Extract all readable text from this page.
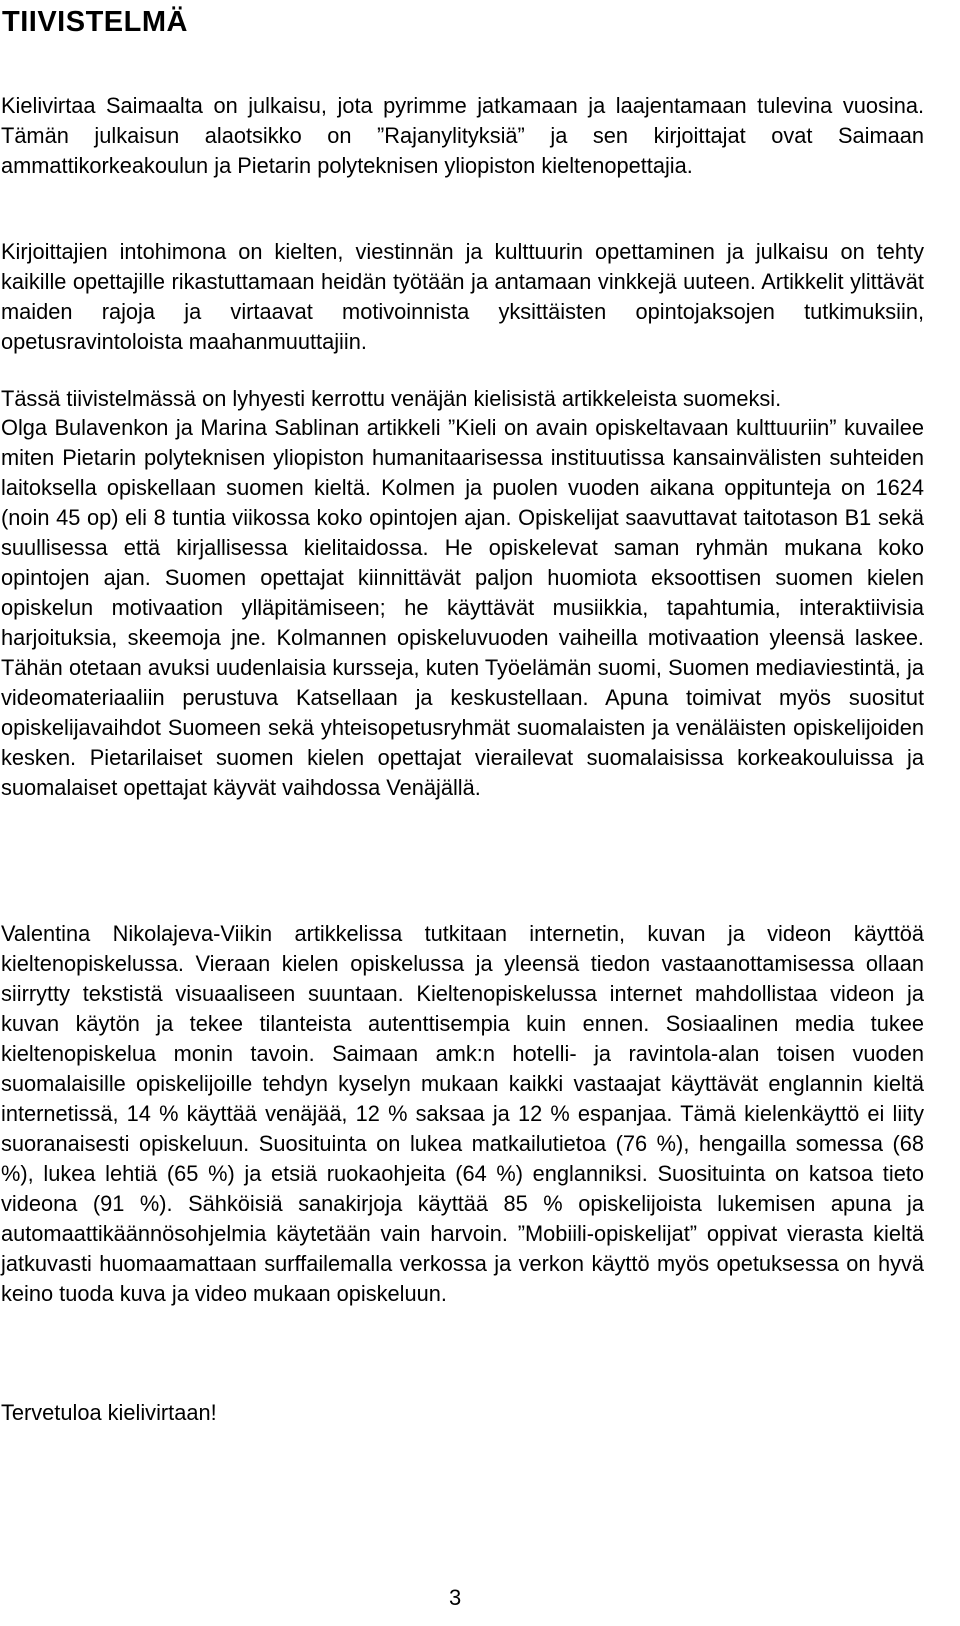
TIIVISTELMÄ

Kielivirtaa Saimaalta on julkaisu, jota pyrimme jatkamaan ja laajentamaan tulevina vuosina. Tämän julkaisun alaotsikko on ”Rajanylityksiä” ja sen kirjoittajat ovat Saimaan ammattikorkeakoulun ja Pietarin polyteknisen yliopiston kieltenopettajia.

Kirjoittajien intohimona on kielten, viestinnän ja kulttuurin opettaminen ja julkaisu on tehty kaikille opettajille rikastuttamaan heidän työtään ja antamaan vinkkejä uuteen. Artikkelit ylittävät maiden rajoja ja virtaavat motivoinnista yksittäisten opintojaksojen tutkimuksiin, opetusravintoloista maahanmuuttajiin.

Tässä tiivistelmässä on lyhyesti kerrottu venäjän kielisistä artikkeleista suomeksi.

Olga Bulavenkon ja Marina Sablinan artikkeli ”Kieli on avain opiskeltavaan kulttuuriin” kuvailee miten Pietarin polyteknisen yliopiston humanitaarisessa instituutissa kansainvälisten suhteiden laitoksella opiskellaan suomen kieltä. Kolmen ja puolen vuoden aikana oppitunteja on 1624 (noin 45 op) eli 8 tuntia viikossa koko opintojen ajan. Opiskelijat saavuttavat taitotason B1 sekä suullisessa että kirjallisessa kielitaidossa. He opiskelevat saman ryhmän mukana koko opintojen ajan. Suomen opettajat kiinnittävät paljon huomiota eksoottisen suomen kielen opiskelun motivaation ylläpitämiseen; he käyttävät musiikkia, tapahtumia, interaktiivisia harjoituksia, skeemoja jne. Kolmannen opiskeluvuoden vaiheilla motivaation yleensä laskee. Tähän otetaan avuksi uudenlaisia kursseja, kuten Työelämän suomi, Suomen mediaviestintä, ja videomateriaaliin perustuva Katsellaan ja keskustellaan. Apuna toimivat myös suositut opiskelijavaihdot Suomeen sekä yhteisopetusryhmät suomalaisten ja venäläisten opiskelijoiden kesken. Pietarilaiset suomen kielen opettajat vierailevat suomalaisissa korkeakouluissa ja suomalaiset opettajat käyvät vaihdossa Venäjällä.

Valentina Nikolajeva-Viikin artikkelissa tutkitaan internetin, kuvan ja videon käyttöä kieltenopiskelussa. Vieraan kielen opiskelussa ja yleensä tiedon vastaanottamisessa ollaan siirrytty tekstistä visuaaliseen suuntaan. Kieltenopiskelussa internet mahdollistaa videon ja kuvan käytön ja tekee tilanteista autenttisempia kuin ennen. Sosiaalinen media tukee kieltenopiskelua monin tavoin. Saimaan amk:n hotelli- ja ravintola-alan toisen vuoden suomalaisille opiskelijoille tehdyn kyselyn mukaan kaikki vastaajat käyttävät englannin kieltä internetissä, 14 % käyttää venäjää, 12 % saksaa ja 12 % espanjaa. Tämä kielenkäyttö ei liity suoranaisesti opiskeluun. Suosituinta on lukea matkailutietoa (76 %), hengailla somessa (68 %), lukea lehtiä (65 %) ja etsiä ruokaohjeita (64 %) englanniksi. Suosituinta on katsoa tieto videona (91 %). Sähköisiä sanakirjoja käyttää 85 % opiskelijoista lukemisen apuna ja automaattikäännösohjelmia käytetään vain harvoin. ”Mobiili-opiskelijat” oppivat vierasta kieltä jatkuvasti huomaamattaan surffailemalla verkossa ja verkon käyttö myös opetuksessa on hyvä keino tuoda kuva ja video mukaan opiskeluun.

Tervetuloa kielivirtaan!

3
